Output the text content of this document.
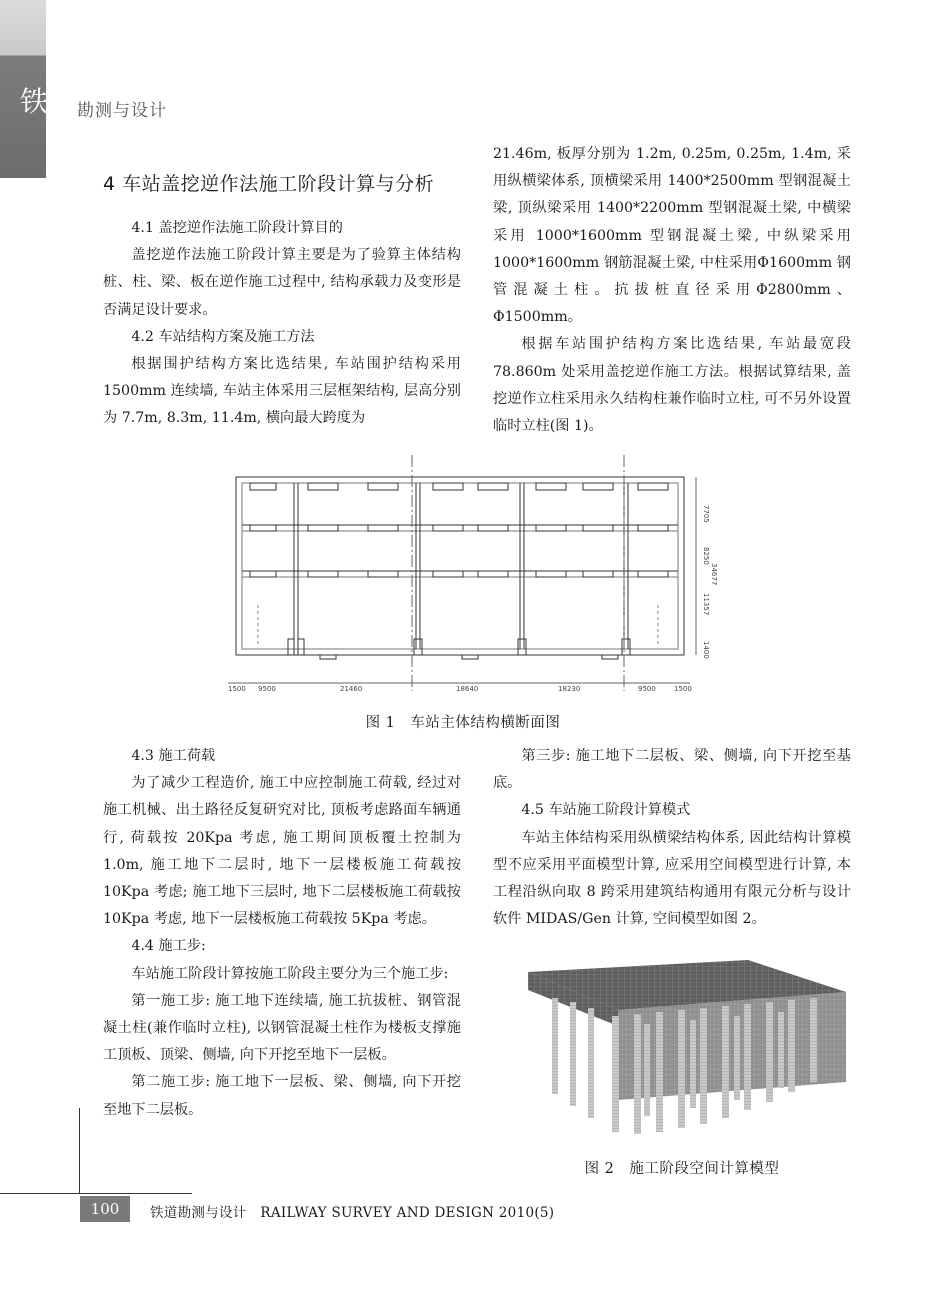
铁道
勘测与设计
4 车站盖挖逆作法施工阶段计算与分析

4.1 盖挖逆作法施工阶段计算目的

盖挖逆作法施工阶段计算主要是为了验算主体结构桩、柱、梁、板在逆作施工过程中, 结构承载力及变形是否满足设计要求。

4.2 车站结构方案及施工方法

根据围护结构方案比选结果, 车站围护结构采用 1500mm 连续墙, 车站主体采用三层框架结构, 层高分别为 7.7m, 8.3m, 11.4m, 横向最大跨度为

21.46m, 板厚分别为 1.2m, 0.25m, 0.25m, 1.4m, 采用纵横梁体系, 顶横梁采用 1400*2500mm 型钢混凝土梁, 顶纵梁采用 1400*2200mm 型钢混凝土梁, 中横梁采用 1000*1600mm 型钢混凝土梁, 中纵梁采用 1000*1600mm 钢筋混凝土梁, 中柱采用Φ1600mm 钢管混凝土柱。抗拔桩直径采用Φ2800mm、Φ1500mm。

根据车站围护结构方案比选结果, 车站最宽段 78.860m 处采用盖挖逆作施工方法。根据试算结果, 盖挖逆作立柱采用永久结构柱兼作临时立柱, 可不另外设置临时立柱(图 1)。

7705
8250
11357
1400
34677
1500 9500	21460	18640	18230	9500	1500
图 1　车站主体结构横断面图

4.3 施工荷载

为了减少工程造价, 施工中应控制施工荷载, 经过对施工机械、出土路径反复研究对比, 顶板考虑路面车辆通行, 荷载按 20Kpa 考虑, 施工期间顶板覆土控制为 1.0m, 施工地下二层时, 地下一层楼板施工荷载按 10Kpa 考虑; 施工地下三层时, 地下二层楼板施工荷载按 10Kpa 考虑, 地下一层楼板施工荷载按 5Kpa 考虑。

4.4 施工步:

车站施工阶段计算按施工阶段主要分为三个施工步:

第一施工步: 施工地下连续墙, 施工抗拔桩、钢管混凝土柱(兼作临时立柱), 以钢管混凝土柱作为楼板支撑施工顶板、顶梁、侧墙, 向下开挖至地下一层板。

第二施工步: 施工地下一层板、梁、侧墙, 向下开挖至地下二层板。

第三步: 施工地下二层板、梁、侧墙, 向下开挖至基底。

4.5 车站施工阶段计算模式

车站主体结构采用纵横梁结构体系, 因此结构计算模型不应采用平面模型计算, 应采用空间模型进行计算, 本工程沿纵向取 8 跨采用建筑结构通用有限元分析与设计软件 MIDAS/Gen 计算, 空间模型如图 2。

图 2　施工阶段空间计算模型
100	铁道勘测与设计　RAILWAY SURVEY AND DESIGN 2010(5)
